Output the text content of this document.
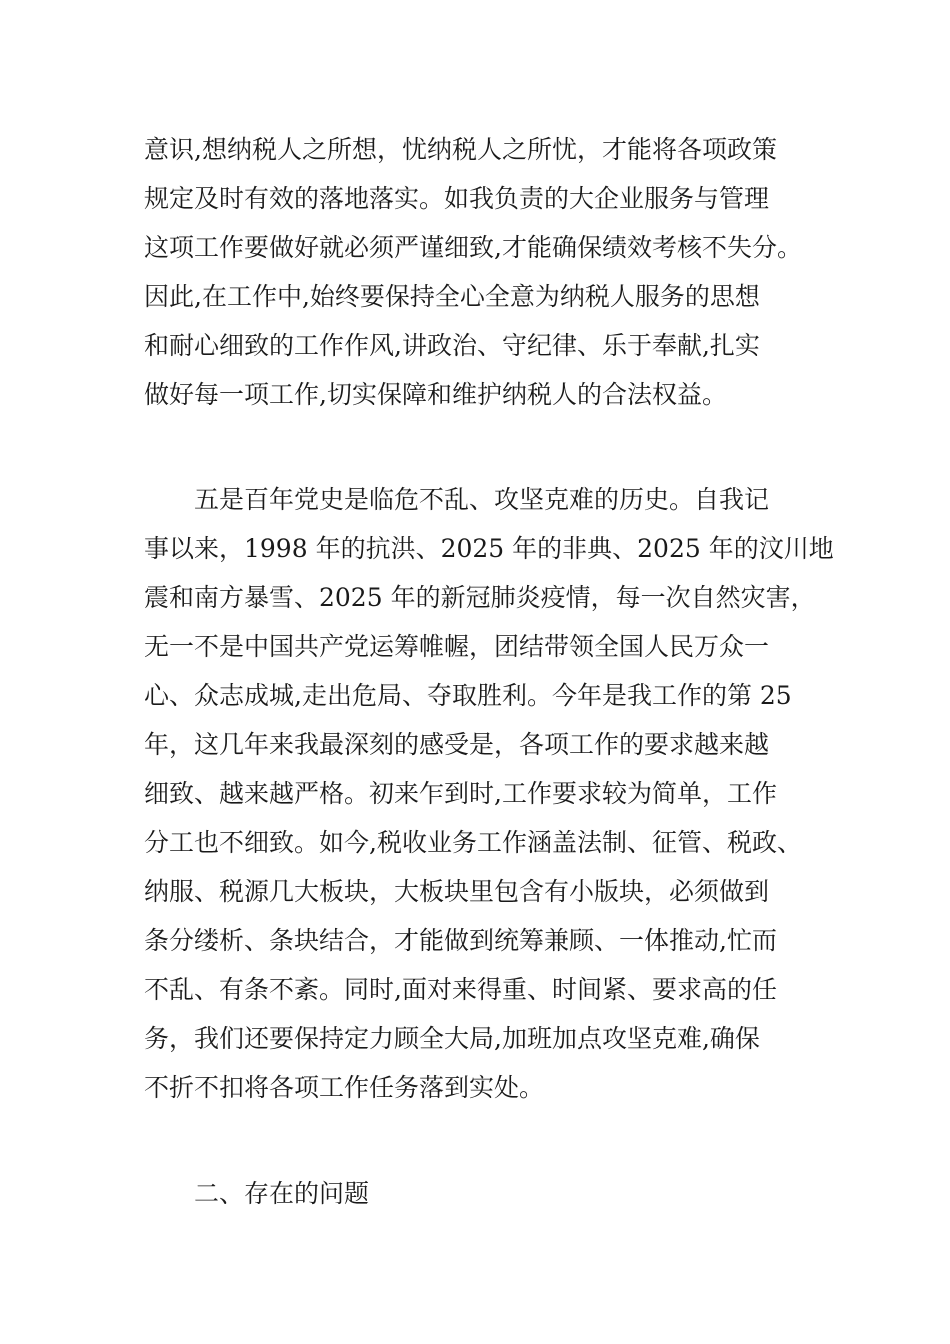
意识,想纳税人之所想，忧纳税人之所忧，才能将各项政策
规定及时有效的落地落实。如我负责的大企业服务与管理
这项工作要做好就必须严谨细致,才能确保绩效考核不失分。
因此,在工作中,始终要保持全心全意为纳税人服务的思想
和耐心细致的工作作风,讲政治、守纪律、乐于奉献,扎实
做好每一项工作,切实保障和维护纳税人的合法权益。
五是百年党史是临危不乱、攻坚克难的历史。自我记
事以来，1998 年的抗洪、2025 年的非典、2025 年的汶川地
震和南方暴雪、2025 年的新冠肺炎疫情，每一次自然灾害，
无一不是中国共产党运筹帷幄，团结带领全国人民万众一
心、众志成城,走出危局、夺取胜利。今年是我工作的第 25
年，这几年来我最深刻的感受是，各项工作的要求越来越
细致、越来越严格。初来乍到时,工作要求较为简单，工作
分工也不细致。如今,税收业务工作涵盖法制、征管、税政、
纳服、税源几大板块，大板块里包含有小版块，必须做到
条分缕析、条块结合，才能做到统筹兼顾、一体推动,忙而
不乱、有条不紊。同时,面对来得重、时间紧、要求高的任
务，我们还要保持定力顾全大局,加班加点攻坚克难,确保
不折不扣将各项工作任务落到实处。
二、存在的问题
